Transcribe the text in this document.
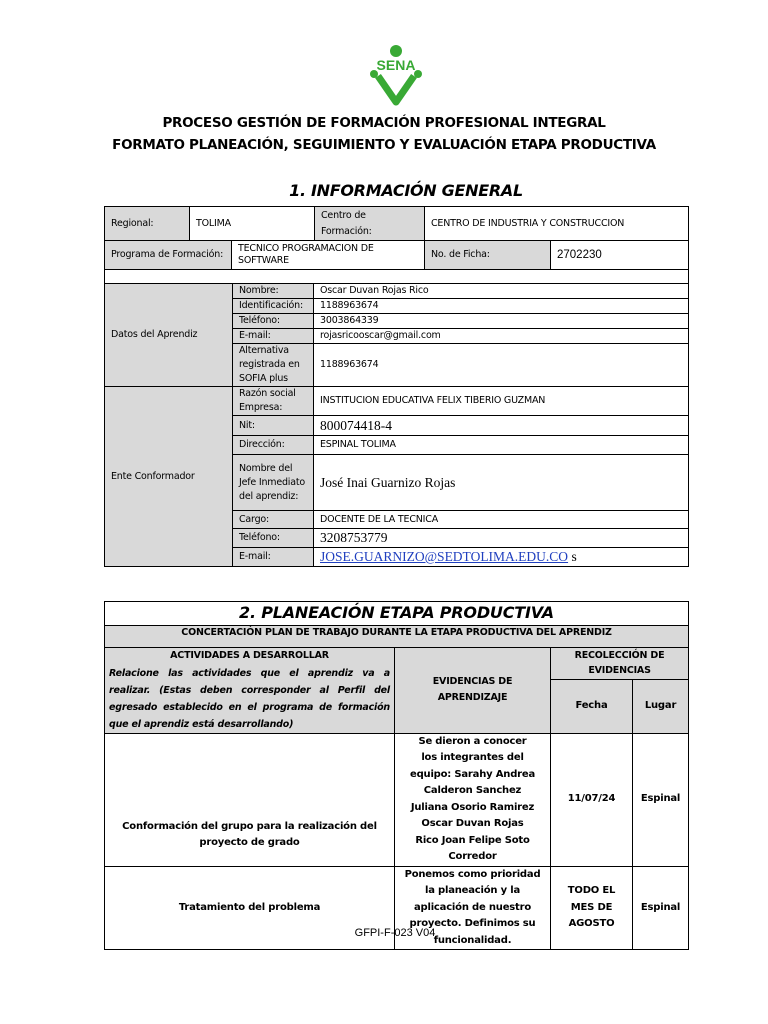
SENA
PROCESO GESTIÓN DE FORMACIÓN PROFESIONAL INTEGRAL
FORMATO PLANEACIÓN, SEGUIMIENTO Y EVALUACIÓN ETAPA PRODUCTIVA
1. INFORMACIÓN GENERAL
Regional:	TOLIMA		Centro de Formación:	CENTRO DE INDUSTRIA Y CONSTRUCCION	
Programa de Formación:		TECNICO PROGRAMACION DE SOFTWARE		No. de Ficha:	2702230

Datos del Aprendiz	Nombre:	Oscar Duvan Rojas Rico
	Identificación:	1188963674
	Teléfono:	3003864339
	E-mail:	rojasricooscar@gmail.com
	Alternativa registrada en SOFIA plus	1188963674
Ente Conformador	Razón social Empresa:	INSTITUCION EDUCATIVA FELIX TIBERIO GUZMAN
	Nit:	800074418-4
	Dirección:	ESPINAL TOLIMA
	Nombre del Jefe Inmediato del aprendiz:	José Inai Guarnizo Rojas
	Cargo:	DOCENTE DE LA TECNICA
	Teléfono:	3208753779
	E-mail:	JOSE.GUARNIZO@SEDTOLIMA.EDU.CO s
2. PLANEACIÓN ETAPA PRODUCTIVA			
CONCERTACIÓN PLAN DE TRABAJO DURANTE LA ETAPA PRODUCTIVA DEL APRENDIZ			

ACTIVIDADES A DESARROLLAR
Relacione las actividades que el aprendiz va a realizar. (Estas deben corresponder al Perfil del egresado establecido en el programa de formación que el aprendiz está desarrollando)	EVIDENCIAS DE APRENDIZAJE	RECOLECCIÓN DE EVIDENCIAS	
		Fecha	Lugar
Conformación del grupo para la realización del proyecto de grado	Se dieron a conocer los integrantes del equipo: Sarahy Andrea Calderon Sanchez Juliana Osorio Ramirez Oscar Duvan Rojas Rico Joan Felipe Soto Corredor	11/07/24	Espinal
Tratamiento del problema	Ponemos como prioridad la planeación y la aplicación de nuestro proyecto. Definimos su funcionalidad.	TODO EL MES DE AGOSTO	Espinal
GFPI-F-023 V04
